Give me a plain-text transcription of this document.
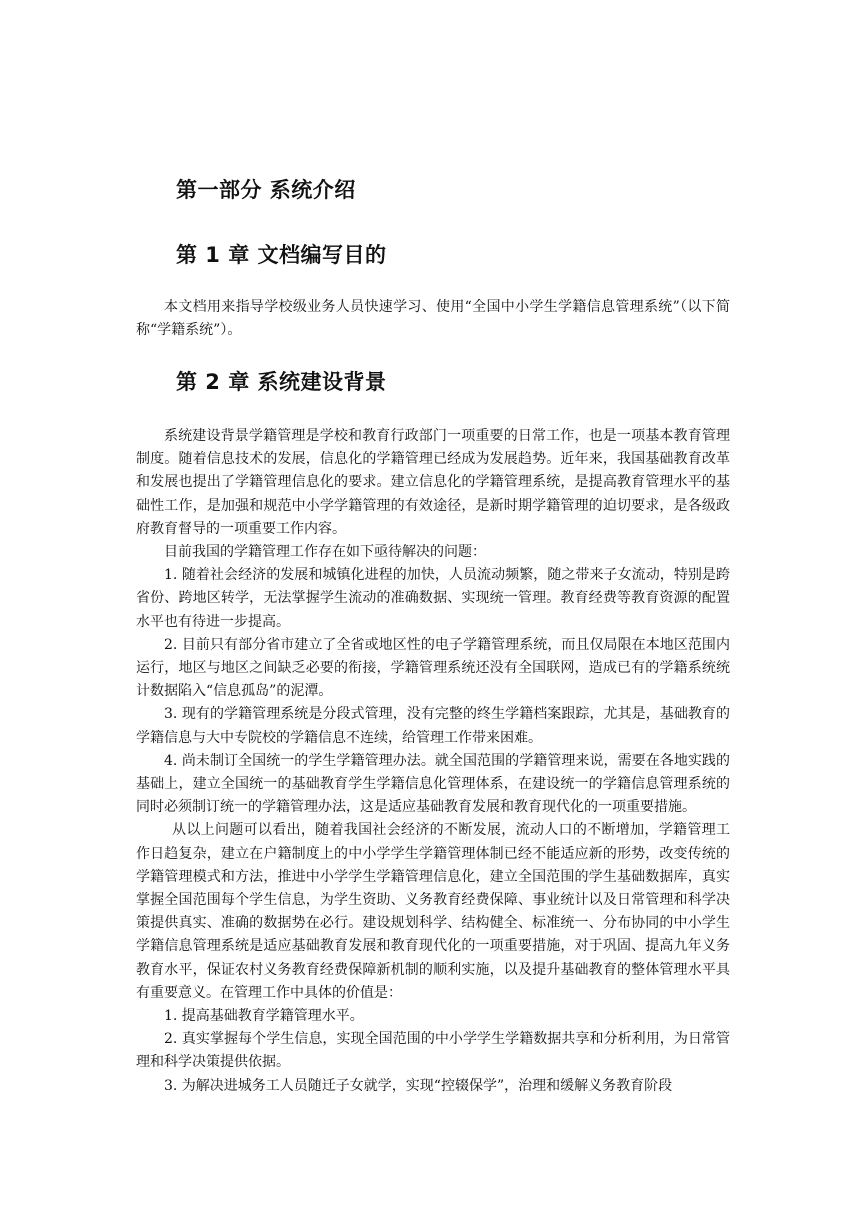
第一部分 系统介绍
第 1 章 文档编写目的

本文档用来指导学校级业务人员快速学习、使用“全国中小学生学籍信息管理系统”（以下简称“学籍系统”）。

第 2 章 系统建设背景

系统建设背景学籍管理是学校和教育行政部门一项重要的日常工作，也是一项基本教育管理制度。随着信息技术的发展，信息化的学籍管理已经成为发展趋势。近年来，我国基础教育改革和发展也提出了学籍管理信息化的要求。建立信息化的学籍管理系统，是提高教育管理水平的基础性工作，是加强和规范中小学学籍管理的有效途径，是新时期学籍管理的迫切要求，是各级政府教育督导的一项重要工作内容。

目前我国的学籍管理工作存在如下亟待解决的问题：

1. 随着社会经济的发展和城镇化进程的加快，人员流动频繁，随之带来子女流动，特别是跨省份、跨地区转学，无法掌握学生流动的准确数据、实现统一管理。教育经费等教育资源的配置水平也有待进一步提高。

2. 目前只有部分省市建立了全省或地区性的电子学籍管理系统，而且仅局限在本地区范围内运行，地区与地区之间缺乏必要的衔接，学籍管理系统还没有全国联网，造成已有的学籍系统统计数据陷入“信息孤岛”的泥潭。

3. 现有的学籍管理系统是分段式管理，没有完整的终生学籍档案跟踪，尤其是，基础教育的学籍信息与大中专院校的学籍信息不连续，给管理工作带来困难。

4. 尚未制订全国统一的学生学籍管理办法。就全国范围的学籍管理来说，需要在各地实践的基础上，建立全国统一的基础教育学生学籍信息化管理体系，在建设统一的学籍信息管理系统的同时必须制订统一的学籍管理办法，这是适应基础教育发展和教育现代化的一项重要措施。

从以上问题可以看出，随着我国社会经济的不断发展，流动人口的不断增加，学籍管理工作日趋复杂，建立在户籍制度上的中小学学生学籍管理体制已经不能适应新的形势，改变传统的学籍管理模式和方法，推进中小学学生学籍管理信息化，建立全国范围的学生基础数据库，真实掌握全国范围每个学生信息，为学生资助、义务教育经费保障、事业统计以及日常管理和科学决策提供真实、准确的数据势在必行。建设规划科学、结构健全、标准统一、分布协同的中小学生学籍信息管理系统是适应基础教育发展和教育现代化的一项重要措施，对于巩固、提高九年义务教育水平，保证农村义务教育经费保障新机制的顺利实施，以及提升基础教育的整体管理水平具有重要意义。在管理工作中具体的价值是：

1. 提高基础教育学籍管理水平。

2. 真实掌握每个学生信息，实现全国范围的中小学学生学籍数据共享和分析利用，为日常管理和科学决策提供依据。

3. 为解决进城务工人员随迁子女就学，实现“控辍保学”，治理和缓解义务教育阶段
